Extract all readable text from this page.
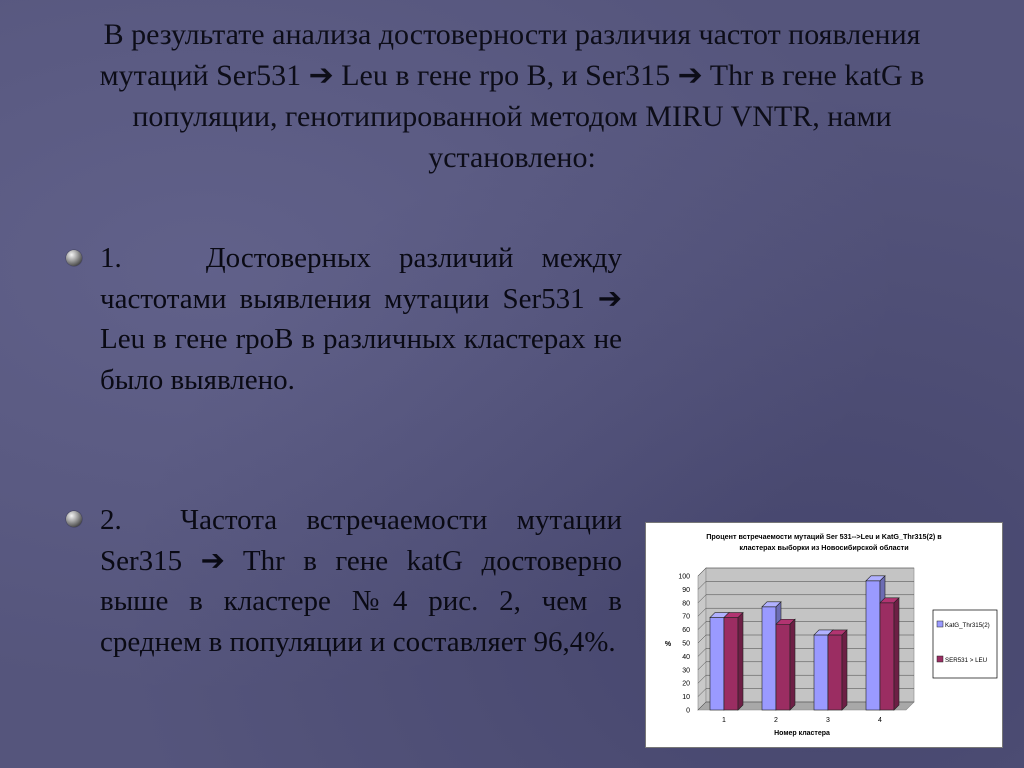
В результате анализа достоверности различия частот появления мутаций Ser531 ➔ Leu в гене rpo B, и Ser315 ➔ Thr в гене katG в популяции, генотипированной методом MIRU VNTR, нами установлено:
1.   Достоверных различий между частотами выявления мутации Ser531 ➔ Leu в гене rpoB в различных кластерах не было выявлено.
2.  Частота встречаемости мутации Ser315 ➔ Thr в гене katG достоверно выше в кластере №4 рис. 2, чем в среднем в популяции и составляет 96,4%.
Процент встречаемости мутаций Ser 531-->Leu и KatG_Thr315(2) в
кластерах выборки из Новосибирской области
0
10
20
30
40
50
60
70
80
90
100
%
1	2	3	4
Номер кластера
KatG_Thr315(2)
SER531 > LEU
